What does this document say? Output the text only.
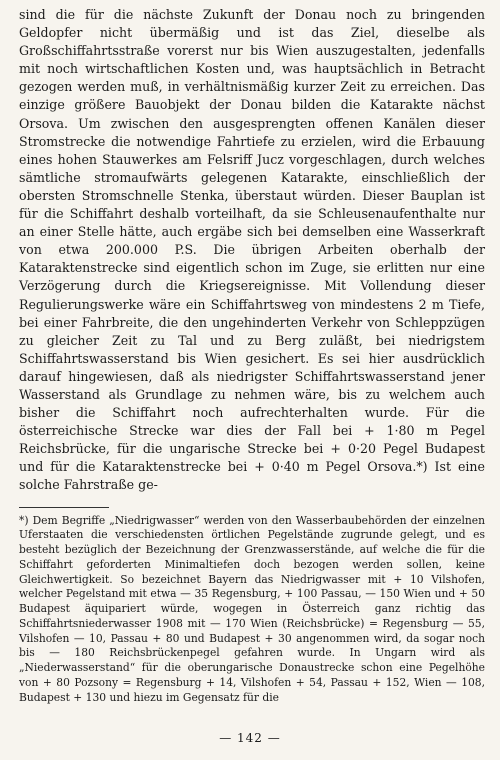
sind die für die nächste Zukunft der Donau noch zu bringenden Geldopfer nicht übermäßig und ist das Ziel, dieselbe als Großschiffahrtsstraße vorerst nur bis Wien auszugestalten, jedenfalls mit noch wirtschaftlichen Kosten und, was hauptsächlich in Betracht gezogen werden muß, in verhältnismäßig kurzer Zeit zu erreichen. Das einzige größere Bauobjekt der Donau bilden die Katarakte nächst Orsova. Um zwischen den ausgesprengten offenen Kanälen dieser Stromstrecke die notwendige Fahrtiefe zu erzielen, wird die Erbauung eines hohen Stauwerkes am Felsriff Jucz vorgeschlagen, durch welches sämtliche stromaufwärts gelegenen Katarakte, einschließlich der obersten Stromschnelle Stenka, überstaut würden. Dieser Bauplan ist für die Schiffahrt deshalb vorteilhaft, da sie Schleusenaufenthalte nur an einer Stelle hätte, auch ergäbe sich bei demselben eine Wasserkraft von etwa 200.000 P.S. Die übrigen Arbeiten oberhalb der Kataraktenstrecke sind eigentlich schon im Zuge, sie erlitten nur eine Verzögerung durch die Kriegsereignisse. Mit Vollendung dieser Regulierungswerke wäre ein Schiffahrtsweg von mindestens 2 m Tiefe, bei einer Fahrbreite, die den ungehinderten Verkehr von Schleppzügen zu gleicher Zeit zu Tal und zu Berg zuläßt, bei niedrigstem Schiffahrtswasserstand bis Wien gesichert. Es sei hier ausdrücklich darauf hingewiesen, daß als niedrigster Schiffahrtswasserstand jener Wasserstand als Grundlage zu nehmen wäre, bis zu welchem auch bisher die Schiffahrt noch aufrechterhalten wurde. Für die österreichische Strecke war dies der Fall bei + 1·80 m Pegel Reichsbrücke, für die ungarische Strecke bei + 0·20 Pegel Budapest und für die Kataraktenstrecke bei + 0·40 m Pegel Orsova.*) Ist eine solche Fahrstraße ge-

*) Dem Begriffe „Niedrigwasser“ werden von den Wasserbaubehörden der einzelnen Uferstaaten die verschiedensten örtlichen Pegelstände zugrunde gelegt, und es besteht bezüglich der Bezeichnung der Grenzwasserstände, auf welche die für die Schiffahrt geforderten Minimaltiefen doch bezogen werden sollen, keine Gleichwertigkeit. So bezeichnet Bayern das Niedrigwasser mit + 10 Vilshofen, welcher Pegelstand mit etwa — 35 Regensburg, + 100 Passau, — 150 Wien und + 50 Budapest äquipariert würde, wogegen in Österreich ganz richtig das Schiffahrtsniederwasser 1908 mit — 170 Wien (Reichsbrücke) = Regensburg — 55, Vilshofen — 10, Passau + 80 und Budapest + 30 angenommen wird, da sogar noch bis — 180 Reichsbrückenpegel gefahren wurde. In Ungarn wird als „Niederwasserstand“ für die oberungarische Donaustrecke schon eine Pegelhöhe von + 80 Pozsony = Regensburg + 14, Vilshofen + 54, Passau + 152, Wien — 108, Budapest + 130 und hiezu im Gegensatz für die

— 142 —
